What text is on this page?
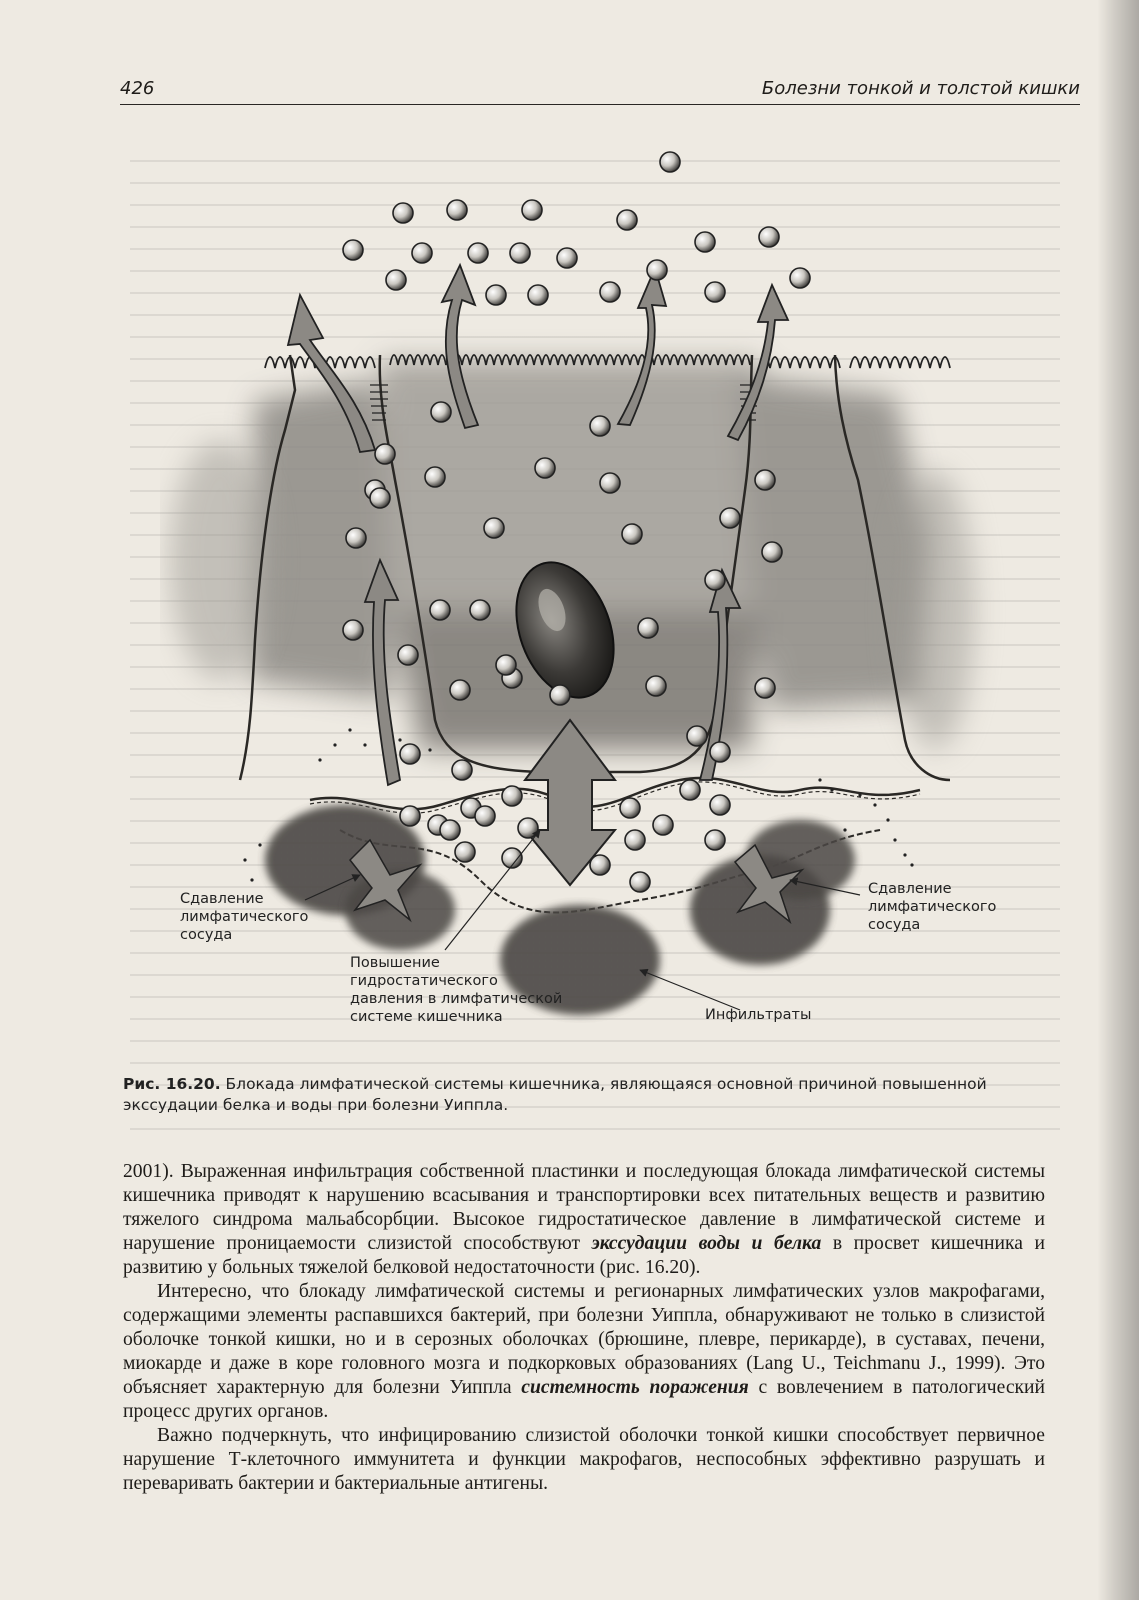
426	Болезни тонкой и толстой кишки
Сдавление
лимфатического
сосуда
Сдавление
лимфатического
сосуда
Повышение
гидростатического
давления в лимфатической
системе кишечника	Инфильтраты
Рис. 16.20. Блокада лимфатической системы кишечника, являющаяся основной причиной повышенной экссудации белка и воды при болезни Уиппла.

2001). Выраженная инфильтрация собственной пластинки и последующая блокада лимфатической системы кишечника приводят к нарушению всасывания и транспортировки всех питательных веществ и развитию тяжелого синдрома мальабсорбции. Высокое гидростатическое давление в лимфатической системе и нарушение проницаемости слизистой способствуют экссудации воды и белка в просвет кишечника и развитию у больных тяжелой белковой недостаточности (рис. 16.20).

Интересно, что блокаду лимфатической системы и регионарных лимфатических узлов макрофагами, содержащими элементы распавшихся бактерий, при болезни Уиппла, обнаруживают не только в слизистой оболочке тонкой кишки, но и в серозных оболочках (брюшине, плевре, перикарде), в суставах, печени, миокарде и даже в коре головного мозга и подкорковых образованиях (Lang U., Teichmanu J., 1999). Это объясняет характерную для болезни Уиппла системность поражения с вовлечением в патологический процесс других органов.

Важно подчеркнуть, что инфицированию слизистой оболочки тонкой кишки способствует первичное нарушение Т-клеточного иммунитета и функции макрофагов, неспособных эффективно разрушать и переваривать бактерии и бактериальные антигены.
